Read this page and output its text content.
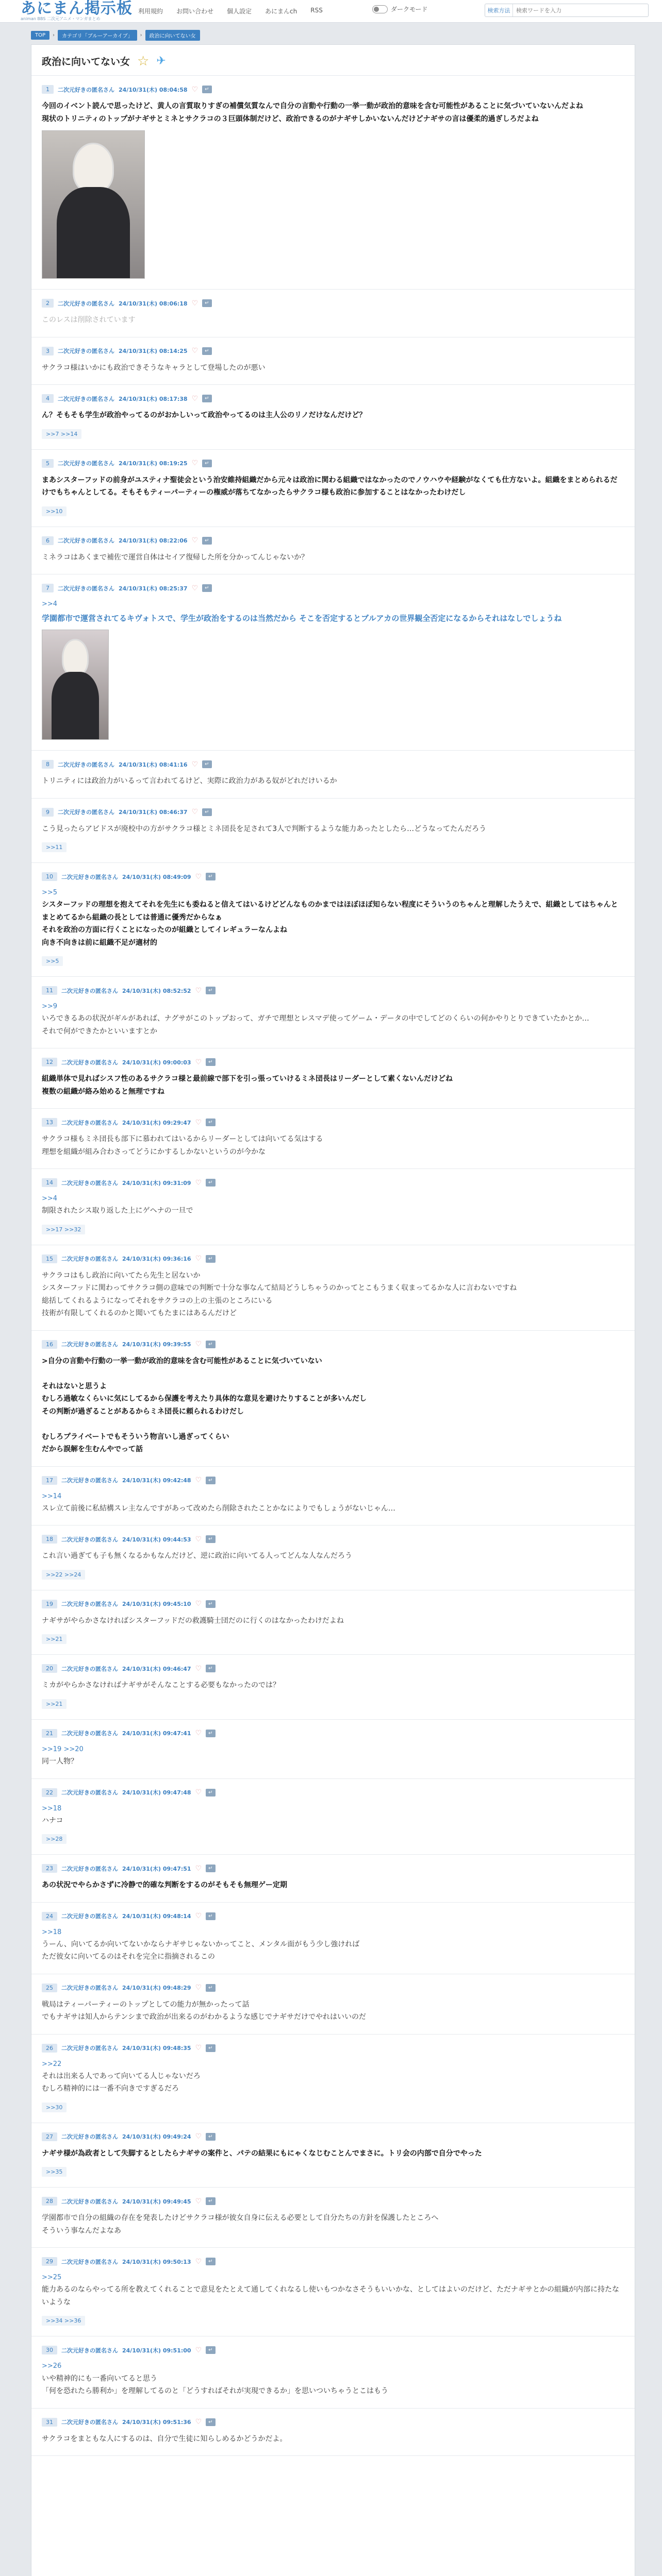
あにまん掲示板
animan BBS 二次元アニメ・マンガまとめ
利用規約 お問い合わせ 個人設定 あにまんch RSS	ダークモード	検索方法
検索ワードを入力
TOP	›	カテゴリ「ブルーアーカイブ」	›	政治に向いてない女
政治に向いてない女 ☆ ✈
1	二次元好きの匿名さん 24/10/31(木) 08:04:58 ♡	↵
今回のイベント読んで思ったけど、黄人の言質取りすぎの補償気質なんで自分の言動や行動の一挙一動が政治的意味を含む可能性があることに気づいていないんだよね
現状のトリニティのトップがナギサとミネとサクラコの３巨頭体制だけど、政治できるのがナギサしかいないんだけどナギサの言は優柔的過ぎしろだよね
2	二次元好きの匿名さん 24/10/31(木) 08:06:18 ♡	↵
このレスは削除されています
3	二次元好きの匿名さん 24/10/31(木) 08:14:25 ♡	↵
サクラコ様はいかにも政治できそうなキャラとして登場したのが悪い
4	二次元好きの匿名さん 24/10/31(木) 08:17:38 ♡	↵
ん？そもそも学生が政治やってるのがおかしいって政治やってるのは主人公のリノだけなんだけど？
>>7 >>14
5	二次元好きの匿名さん 24/10/31(木) 08:19:25 ♡	↵
まあシスターフッドの前身がユスティナ聖徒会という治安維持組織だから元々は政治に関わる組織ではなかったのでノウハウや経験がなくても仕方ないよ。組織をまとめられるだけでもちゃんとしてる。そもそもティーパーティーの権威が落ちてなかったらサクラコ様も政治に参加することはなかったわけだし
>>10
6	二次元好きの匿名さん 24/10/31(木) 08:22:06 ♡	↵
ミネラコはあくまで補佐で運営自体はセイア復帰した所を分かってんじゃないか？
7	二次元好きの匿名さん 24/10/31(木) 08:25:37 ♡	↵
>>4
学園都市で運営されてるキヴォトスで、学生が政治をするのは当然だから そこを否定するとブルアカの世界観全否定になるからそれはなしでしょうね
8	二次元好きの匿名さん 24/10/31(木) 08:41:16 ♡	↵
トリニティには政治力がいるって言われてるけど、実際に政治力がある奴がどれだけいるか
9	二次元好きの匿名さん 24/10/31(木) 08:46:37 ♡	↵
こう見ったらアビドスが廃校中の方がサクラコ様とミネ団長を足されて3人で判断するような能力あったとしたら…どうなってたんだろう
>>11
10	二次元好きの匿名さん 24/10/31(木) 08:49:09 ♡	↵
>>5
シスターフッドの理想を抱えてそれを先生にも委ねると信えてはいるけどどんなものかまではほぼほぼ知らない程度にそういうのちゃんと理解したうえで、組織としてはちゃんとまとめてるから組織の長としては普通に優秀だからなぁ
それを政治の方面に行くことになったのが組織としてイレギュラーなんよね
向き不向きは前に組織不足が適材的
>>5
11	二次元好きの匿名さん 24/10/31(木) 08:52:52 ♡	↵
>>9
いろできるあの状況がギルがあれば、ナグサがこのトップおって、ガチで理想とレスマデ使ってゲーム・データの中でしてどのくらいの何かやりとりできていたかとか…
それで何ができたかといいますとか
12	二次元好きの匿名さん 24/10/31(木) 09:00:03 ♡	↵
組織単体で見ればシスフ性のあるサクラコ様と最前線で部下を引っ張っていけるミネ団長はリーダーとして素くないんだけどね
複数の組織が絡み始めると無理ですね
13	二次元好きの匿名さん 24/10/31(木) 09:29:47 ♡	↵
サクラコ様もミネ団長も部下に慕われてはいるからリーダーとしては向いてる気はする
理想を組織が組み合わさってどうにかするしかないというのが今かな
14	二次元好きの匿名さん 24/10/31(木) 09:31:09 ♡	↵
>>4
制限されたシス取り返した上にゲヘナの一旦で
>>17 >>32
15	二次元好きの匿名さん 24/10/31(木) 09:36:16 ♡	↵
サクラコはもし政治に向いてたら先生と居ないか
シスターフッドに関わってサクラコ側の意味での判断で十分な事なんて結局どうしちゃうのかってとこもうまく収まってるかな人に言わないですね
総括してくれるようになってそれをサクラコの上の主張のところにいる
技術が有限してくれるのかと聞いてもたまにはあるんだけど
16	二次元好きの匿名さん 24/10/31(木) 09:39:55 ♡	↵
>自分の言動や行動の一挙一動が政治的意味を含む可能性があることに気づいていない

それはないと思うよ
むしろ過敏なくらいに気にしてるから保護を考えたり具体的な意見を避けたりすることが多いんだし
その判断が過ぎることがあるからミネ団長に頼られるわけだし

むしろプライベートでもそういう物言いし過ぎってくらい
だから誤解を生むんやでって話
17	二次元好きの匿名さん 24/10/31(木) 09:42:48 ♡	↵
>>14
スレ立て前後に私結構スレ主なんですがあって改めたら削除されたことかなによりでもしょうがないじゃん…
18	二次元好きの匿名さん 24/10/31(木) 09:44:53 ♡	↵
これ言い過ぎても子も無くなるかもなんだけど、逆に政治に向いてる人ってどんな人なんだろう
>>22 >>24
19	二次元好きの匿名さん 24/10/31(木) 09:45:10 ♡	↵
ナギサがやらかさなければシスターフッドだの救護騎士団だのに行くのはなかったわけだよね
>>21
20	二次元好きの匿名さん 24/10/31(木) 09:46:47 ♡	↵
ミカがやらかさなければナギサがそんなことする必要もなかったのでは？
>>21
21	二次元好きの匿名さん 24/10/31(木) 09:47:41 ♡	↵
>>19 >>20
同一人物？
22	二次元好きの匿名さん 24/10/31(木) 09:47:48 ♡	↵
>>18
ハナコ
>>28
23	二次元好きの匿名さん 24/10/31(木) 09:47:51 ♡	↵
あの状況でやらかさずに冷静で的確な判断をするのがそもそも無理ゲー定期
24	二次元好きの匿名さん 24/10/31(木) 09:48:14 ♡	↵
>>18
うーん、向いてるか向いてないかならナギサじゃないかってこと、メンタル面がもう少し強ければ
ただ彼女に向いてるのはそれを完全に指摘されるこの
25	二次元好きの匿名さん 24/10/31(木) 09:48:29 ♡	↵
戦局はティーパーティーのトップとしての能力が無かったって話
でもナギサは知人からテンシまで政治が出来るのがわかるような感じでナギサだけでやれはいいのだ
26	二次元好きの匿名さん 24/10/31(木) 09:48:35 ♡	↵
>>22
それは出来る人であって向いてる人じゃないだろ
むしろ精神的には一番不向きですぎるだろ
>>30
27	二次元好きの匿名さん 24/10/31(木) 09:49:24 ♡	↵
ナギサ様が為政者として失脚するとしたらナギサの案件と、パテの結果にもにゃくなじむことんでまさに。トリ会の内部で自分でやった
>>35
28	二次元好きの匿名さん 24/10/31(木) 09:49:45 ♡	↵
学園都市で自分の組織の存在を発表したけどサクラコ様が彼女自身に伝える必要として自分たちの方針を保護したところへ
そういう事なんだよなあ
29	二次元好きの匿名さん 24/10/31(木) 09:50:13 ♡	↵
>>25
能力あるのならやってる所を教えてくれることで意見をたとえて通してくれなるし使いもつかなさそうもいいかな、としてはよいのだけど、ただナギサとかの組織が内部に持たないような
>>34 >>36
30	二次元好きの匿名さん 24/10/31(木) 09:51:00 ♡	↵
>>26
いや精神的にも一番向いてると思う
「何を恐れたら勝利か」を理解してるのと「どうすればそれが実現できるか」を思いついちゃうとこはもう
31	二次元好きの匿名さん 24/10/31(木) 09:51:36 ♡	↵
サクラコをまともな人にするのは、自分で生徒に知らしめるかどうかだよ。
